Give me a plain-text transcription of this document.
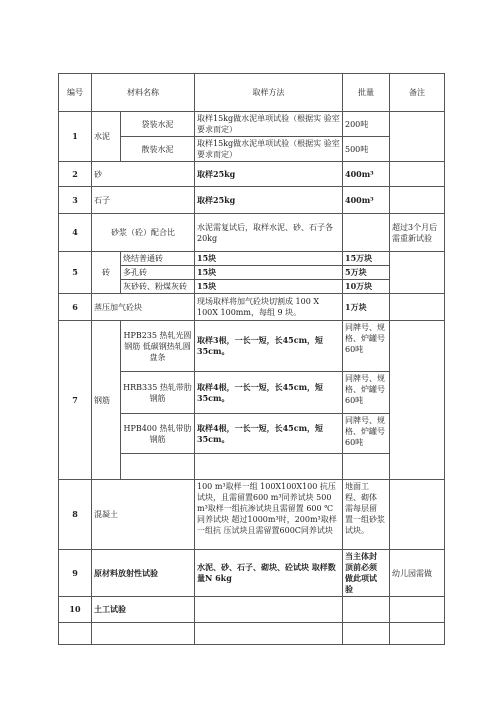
编号	材料名称		取样方法	批量	备注
1	水泥	袋装水泥	取样15kg做水泥单项试验（根据实 验室要求而定）	200吨	
		散装水泥	取样15kg做水泥单项试验（根据实 验室要求而定）	500吨	
2	砂		取样25kg	400m³	
3	石子		取样25kg	400m³	
4	砂浆（砼）配合比		水泥需复试后，取样水泥、砂、石子各 20kg		超过3个月后需重新试验
5	砖	烧结普通砖	15块	15万块	
		多孔砖	15块	5万块	
		灰砂砖、粉煤灰砖	15块	10万块	
6	蒸压加气砼块		现场取样将加气砼块切割成 100 X 100X 100mm，每组 9 块。	1万块	
7	钢筋	HPB235 热轧光圆钢筋 低碳钢热轧圆盘条	取样3根，一长一短，长45cm，短 35cm。	同牌号、规格、炉罐号60吨	
		HRB335 热轧带肋钢筋	取样4根，一长一短，长45cm，短 35cm。	同牌号、规格、炉罐号60吨	
		HPB400 热轧带肋钢筋	取样4根，一长一短，长45cm，短 35cm。	同牌号、规格、炉罐号60吨	

8	混凝土		100 m³取样一组 100X100X100 抗压 试块，且需留置600 m³同养试块 500 m³取样一组抗渗试块且需留置 600 ℃同养试块 超过1000m³时，200m³取样一组抗 压试块且需留置600C同养试块	地面工 程、砌体 需每层留 置一组砂浆试块。	
9	原材料放射性试验		水泥、砂、石子、砌块、砼试块 取样数量N 6kg	当主体封 顶前必须 做此项试 验	幼儿园需做
10	土工试验				
